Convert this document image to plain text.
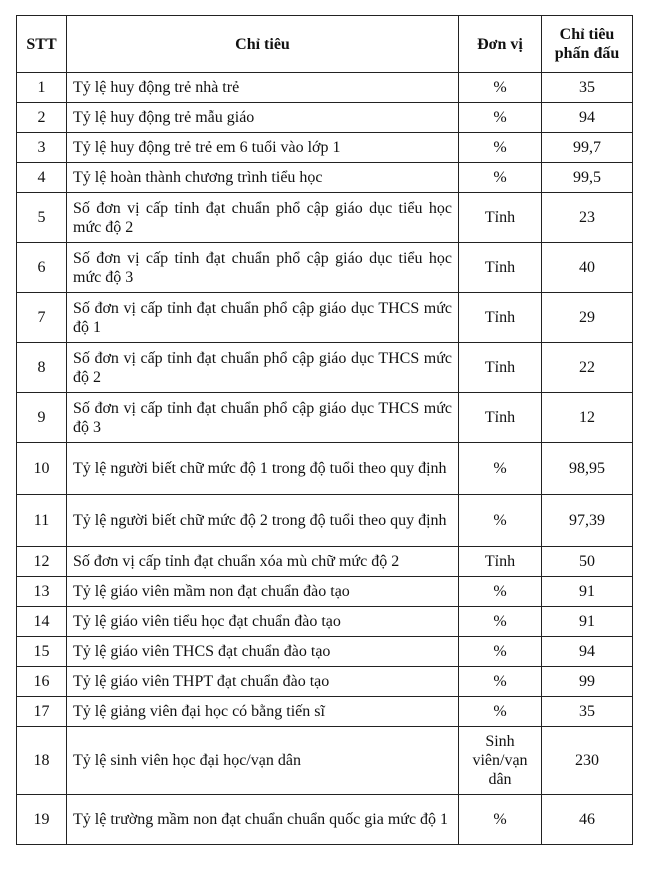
STT	Chỉ tiêu	Đơn vị	Chỉ tiêu
phấn đấu
1	Tỷ lệ huy động trẻ nhà trẻ	%	35
2	Tỷ lệ huy động trẻ mẫu giáo	%	94
3	Tỷ lệ huy động trẻ trẻ em 6 tuổi vào lớp 1	%	99,7
4	Tỷ lệ hoàn thành chương trình tiểu học	%	99,5
5	Số đơn vị cấp tỉnh đạt chuẩn phổ cập giáo dục tiểu học mức độ 2	Tỉnh	23
6	Số đơn vị cấp tỉnh đạt chuẩn phổ cập giáo dục tiểu học mức độ 3	Tỉnh	40
7	Số đơn vị cấp tỉnh đạt chuẩn phổ cập giáo dục THCS mức độ 1	Tỉnh	29
8	Số đơn vị cấp tỉnh đạt chuẩn phổ cập giáo dục THCS mức độ 2	Tỉnh	22
9	Số đơn vị cấp tỉnh đạt chuẩn phổ cập giáo dục THCS mức độ 3	Tỉnh	12
10	Tỷ lệ người biết chữ mức độ 1 trong độ tuổi theo quy định	%	98,95
11	Tỷ lệ người biết chữ mức độ 2 trong độ tuổi theo quy định	%	97,39
12	Số đơn vị cấp tỉnh đạt chuẩn xóa mù chữ mức độ 2	Tỉnh	50
13	Tỷ lệ giáo viên mầm non đạt chuẩn đào tạo	%	91
14	Tỷ lệ giáo viên tiểu học đạt chuẩn đào tạo	%	91
15	Tỷ lệ giáo viên THCS đạt chuẩn đào tạo	%	94
16	Tỷ lệ giáo viên THPT đạt chuẩn đào tạo	%	99
17	Tỷ lệ giảng viên đại học có bằng tiến sĩ	%	35
18	Tỷ lệ sinh viên học đại học/vạn dân	Sinh viên/vạn dân	230
19	Tỷ lệ trường mầm non đạt chuẩn chuẩn quốc gia mức độ 1	%	46
